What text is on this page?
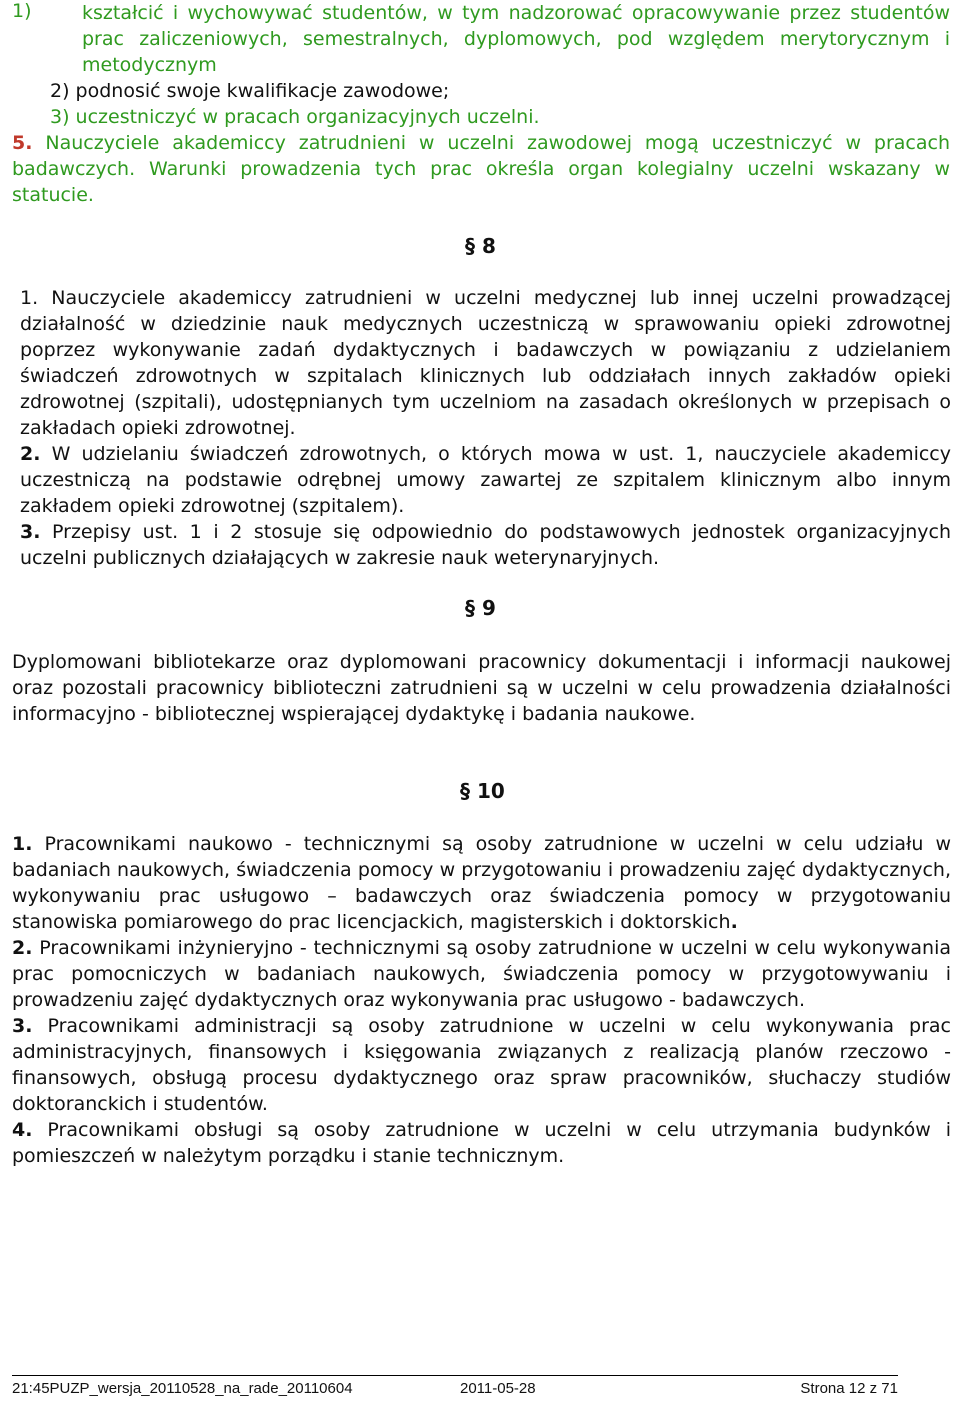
1)	kształcić i wychowywać studentów, w tym nadzorować opracowywanie przez studentów prac zaliczeniowych, semestralnych, dyplomowych, pod względem merytorycznym i metodycznym

2) podnosić swoje kwalifikacje zawodowe;

3) uczestniczyć w pracach organizacyjnych uczelni.

5. Nauczyciele akademiccy zatrudnieni w uczelni zawodowej mogą uczestniczyć w pracach badawczych. Warunki prowadzenia tych prac określa organ kolegialny uczelni wskazany w statucie.

§ 8

1. Nauczyciele akademiccy zatrudnieni w uczelni medycznej lub innej uczelni prowadzącej działalność w dziedzinie nauk medycznych uczestniczą w sprawowaniu opieki zdrowotnej poprzez wykonywanie zadań dydaktycznych i badawczych w powiązaniu z udzielaniem świadczeń zdrowotnych w szpitalach klinicznych lub oddziałach innych zakładów opieki zdrowotnej (szpitali), udostępnianych tym uczelniom na zasadach określonych w przepisach o zakładach opieki zdrowotnej.

2. W udzielaniu świadczeń zdrowotnych, o których mowa w ust. 1, nauczyciele akademiccy uczestniczą na podstawie odrębnej umowy zawartej ze szpitalem klinicznym albo innym zakładem opieki zdrowotnej (szpitalem).

3. Przepisy ust. 1 i 2 stosuje się odpowiednio do podstawowych jednostek organizacyjnych uczelni publicznych działających w zakresie nauk weterynaryjnych.

§ 9

Dyplomowani bibliotekarze oraz dyplomowani pracownicy dokumentacji i informacji naukowej oraz pozostali pracownicy biblioteczni zatrudnieni są w uczelni w celu prowadzenia działalności informacyjno - bibliotecznej wspierającej dydaktykę i badania naukowe.

§ 10

1. Pracownikami naukowo - technicznymi są osoby zatrudnione w uczelni w celu udziału w badaniach naukowych, świadczenia pomocy w przygotowaniu i prowadzeniu zajęć dydaktycznych, wykonywaniu prac usługowo – badawczych oraz świadczenia pomocy w przygotowaniu stanowiska pomiarowego do prac licencjackich, magisterskich i doktorskich.

2. Pracownikami inżynieryjno - technicznymi są osoby zatrudnione w uczelni w celu wykonywania prac pomocniczych w badaniach naukowych, świadczenia pomocy w przygotowywaniu i prowadzeniu zajęć dydaktycznych oraz wykonywania prac usługowo - badawczych.

3. Pracownikami administracji są osoby zatrudnione w uczelni w celu wykonywania prac administracyjnych, finansowych i księgowania związanych z realizacją planów rzeczowo - finansowych, obsługą procesu dydaktycznego oraz spraw pracowników, słuchaczy studiów doktoranckich i studentów.

4. Pracownikami obsługi są osoby zatrudnione w uczelni w celu utrzymania budynków i pomieszczeń w należytym porządku i stanie technicznym.

21:45PUZP_wersja_20110528_na_rade_20110604	2011-05-28	Strona 12 z 71
